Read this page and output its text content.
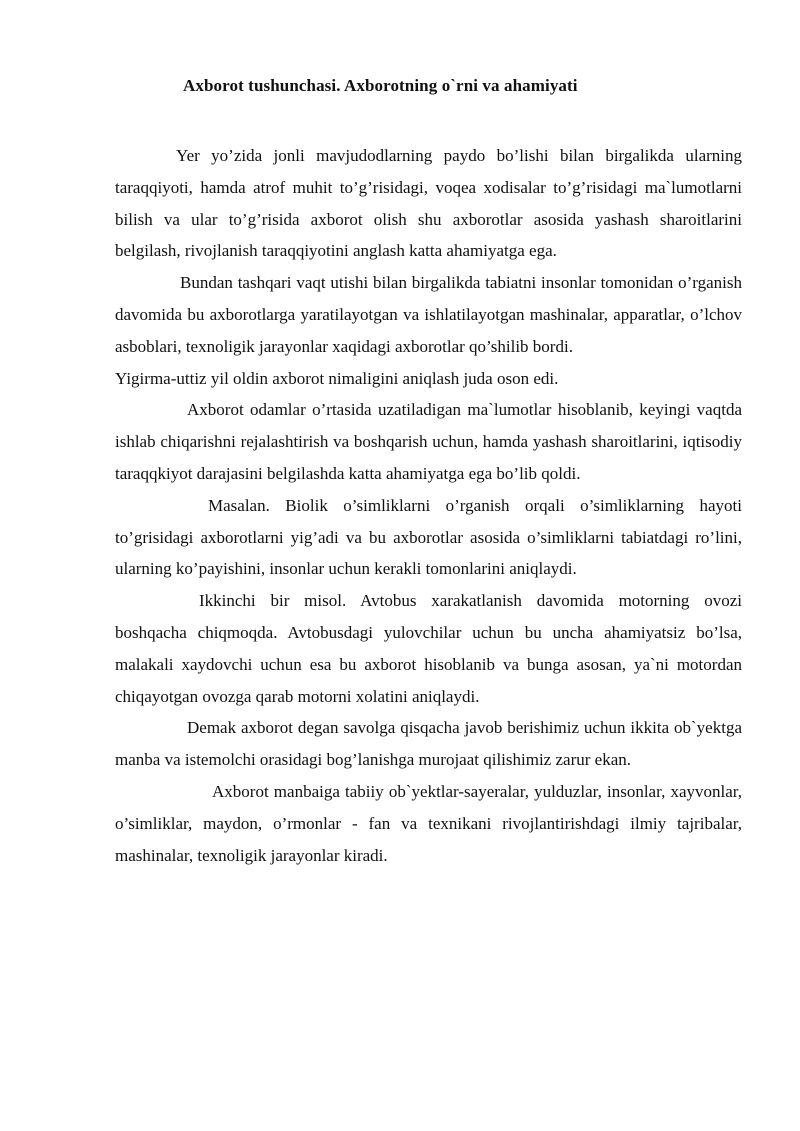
Axborot tushunchasi. Axborotning o`rni va ahamiyati

Yer yo’zida jonli mavjudodlarning paydo bo’lishi bilan birgalikda ularning taraqqiyoti, hamda atrof muhit to’g’risidagi, voqea xodisalar to’g’risidagi ma`lumotlarni bilish va ular to’g’risida axborot olish shu axborotlar asosida yashash sharoitlarini belgilash, rivojlanish taraqqiyotini anglash katta ahamiyatga ega.

Bundan tashqari vaqt utishi bilan birgalikda tabiatni insonlar tomonidan o’rganish davomida bu axborotlarga yaratilayotgan va ishlatilayotgan mashinalar, apparatlar, o’lchov asboblari, texnoligik jarayonlar xaqidagi axborotlar qo’shilib bordi.

Yigirma-uttiz yil oldin axborot nimaligini aniqlash juda oson edi.

Axborot odamlar o’rtasida uzatiladigan ma`lumotlar hisoblanib, keyingi vaqtda ishlab chiqarishni rejalashtirish va boshqarish uchun, hamda yashash sharoitlarini, iqtisodiy taraqqkiyot darajasini belgilashda katta ahamiyatga ega bo’lib qoldi.

Masalan. Biolik o’simliklarni o’rganish orqali o’simliklarning hayoti to’grisidagi axborotlarni yig’adi va bu axborotlar asosida o’simliklarni tabiatdagi ro’lini, ularning ko’payishini, insonlar uchun kerakli tomonlarini aniqlaydi.

Ikkinchi bir misol. Avtobus xarakatlanish davomida motorning ovozi boshqacha chiqmoqda. Avtobusdagi yulovchilar uchun bu uncha ahamiyatsiz bo’lsa, malakali xaydovchi uchun esa bu axborot hisoblanib va bunga asosan, ya`ni motordan chiqayotgan ovozga qarab motorni xolatini aniqlaydi.

Demak axborot degan savolga qisqacha javob berishimiz uchun ikkita ob`yektga manba va istemolchi orasidagi bog’lanishga murojaat qilishimiz zarur ekan.

Axborot manbaiga tabiiy ob`yektlar-sayeralar, yulduzlar, insonlar, xayvonlar, o’simliklar, maydon, o’rmonlar - fan va texnikani rivojlantirishdagi ilmiy tajribalar, mashinalar, texnoligik jarayonlar kiradi.
